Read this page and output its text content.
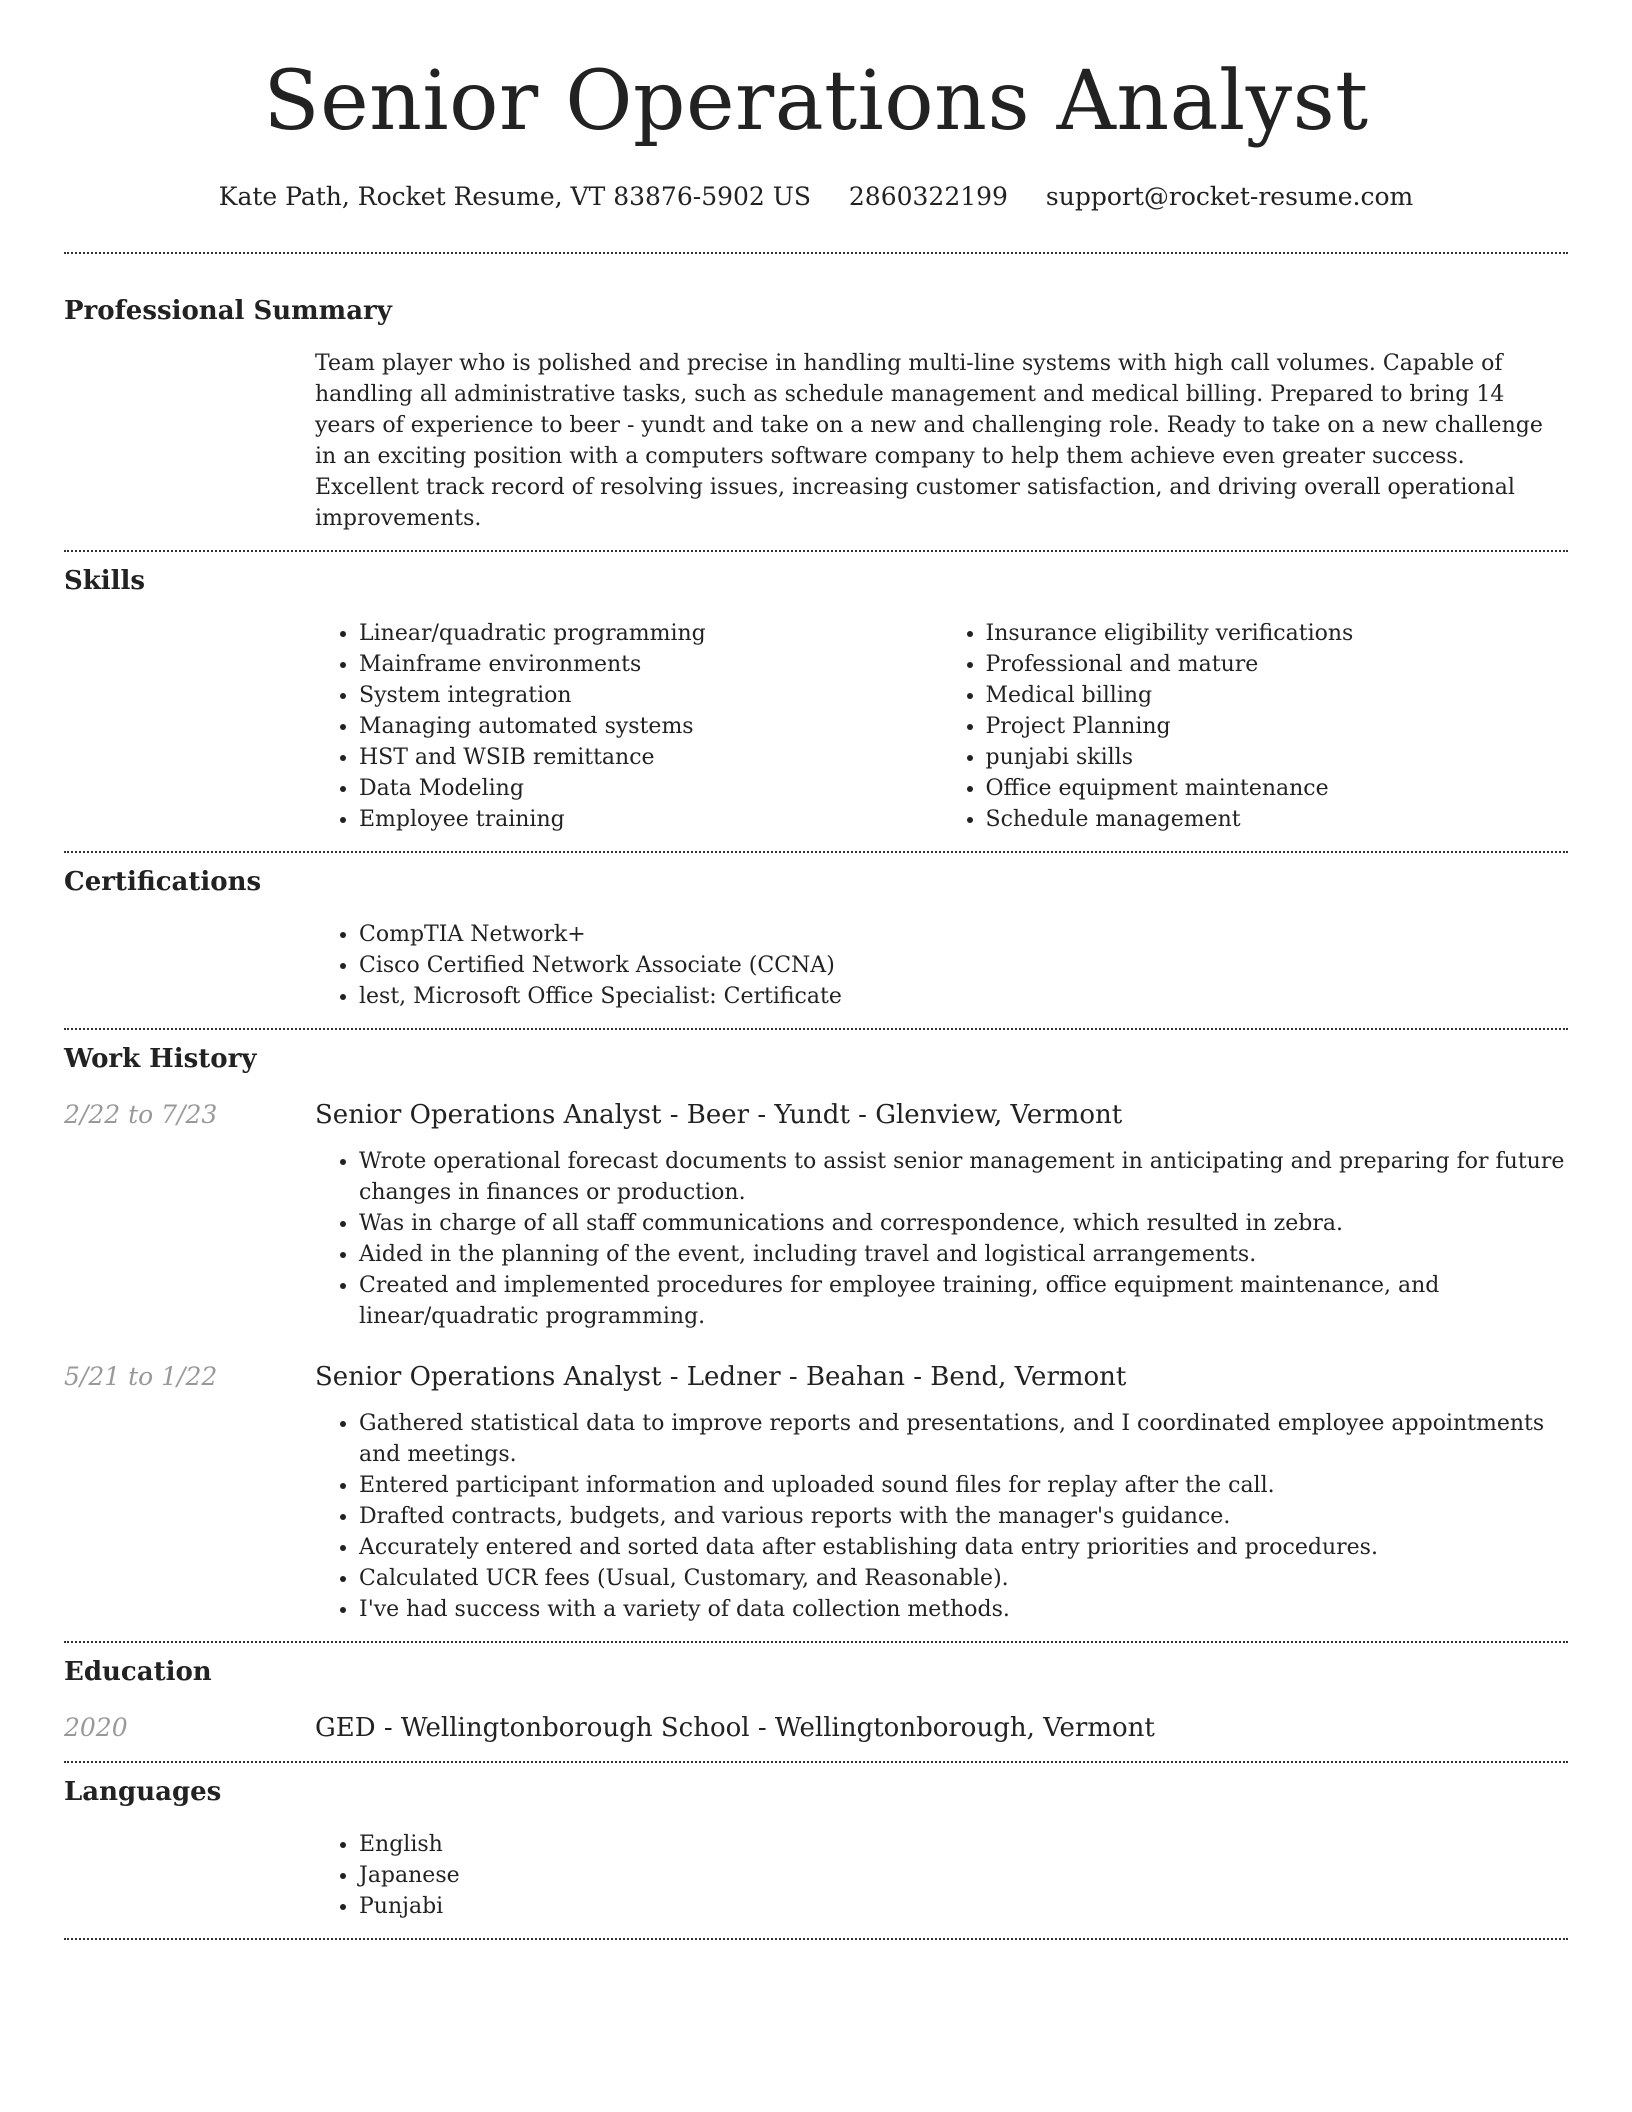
Senior Operations Analyst
Kate Path, Rocket Resume, VT 83876-5902 US 2860322199 support@rocket-resume.com
Professional Summary

Team player who is polished and precise in handling multi-line systems with high call volumes. Capable of handling all administrative tasks, such as schedule management and medical billing. Prepared to bring 14 years of experience to beer - yundt and take on a new and challenging role. Ready to take on a new challenge in an exciting position with a computers software company to help them achieve even greater success. Excellent track record of resolving issues, increasing customer satisfaction, and driving overall operational improvements.

Skills
• Linear/quadratic programming
• Mainframe environments
• System integration
• Managing automated systems
• HST and WSIB remittance
• Data Modeling
• Employee training
• Insurance eligibility verifications
• Professional and mature
• Medical billing
• Project Planning
• punjabi skills
• Office equipment maintenance
• Schedule management
Certifications
• CompTIA Network+
• Cisco Certified Network Associate (CCNA)
• lest, Microsoft Office Specialist: Certificate
Work History
2/22 to 7/23	Senior Operations Analyst - Beer - Yundt - Glenview, Vermont
• Wrote operational forecast documents to assist senior management in anticipating and preparing for future changes in finances or production.
• Was in charge of all staff communications and correspondence, which resulted in zebra.
• Aided in the planning of the event, including travel and logistical arrangements.
• Created and implemented procedures for employee training, office equipment maintenance, and linear/quadratic programming.
5/21 to 1/22	Senior Operations Analyst - Ledner - Beahan - Bend, Vermont
• Gathered statistical data to improve reports and presentations, and I coordinated employee appointments and meetings.
• Entered participant information and uploaded sound files for replay after the call.
• Drafted contracts, budgets, and various reports with the manager's guidance.
• Accurately entered and sorted data after establishing data entry priorities and procedures.
• Calculated UCR fees (Usual, Customary, and Reasonable).
• I've had success with a variety of data collection methods.
Education
2020	GED - Wellingtonborough School - Wellingtonborough, Vermont
Languages
• English
• Japanese
• Punjabi
